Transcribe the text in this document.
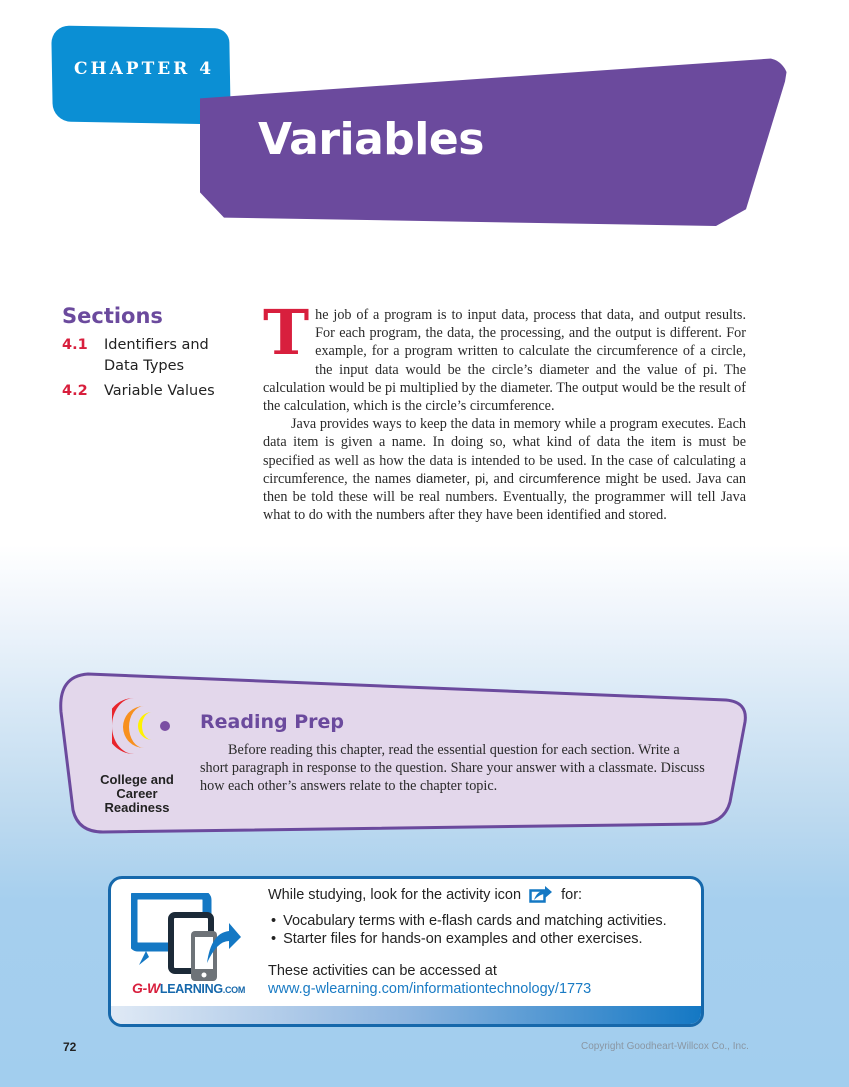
CHAPTER 4
Variables
Sections
4.1 Identifiers and Data Types
4.2 Variable Values
T he job of a program is to input data, process that data, and output results. For each program, the data, the processing, and the output is different. For example, for a program written to calculate the circumference of a circle, the input data would be the circle’s diameter and the value of pi. The calculation would be pi multiplied by the diameter. The output would be the result of the calculation, which is the circle’s circumference.

Java provides ways to keep the data in memory while a program executes. Each data item is given a name. In doing so, what kind of data the item is must be specified as well as how the data is intended to be used. In the case of calculating a circumference, the names diameter, pi, and circumference might be used. Java can then be told these will be real numbers. Eventually, the programmer will tell Java what to do with the numbers after they have been identified and stored.

College and Career Readiness
Reading Prep

Before reading this chapter, read the essential question for each section. Write a short paragraph in response to the question. Share your answer with a classmate. Discuss how each other’s answers relate to the chapter topic.

G-WLEARNING.COM
While studying, look for the activity icon	for:
• Vocabulary terms with e-flash cards and matching activities.
• Starter files for hands-on examples and other exercises.
These activities can be accessed at
www.g-wlearning.com/informationtechnology/1773
72	Copyright Goodheart-Willcox Co., Inc.
